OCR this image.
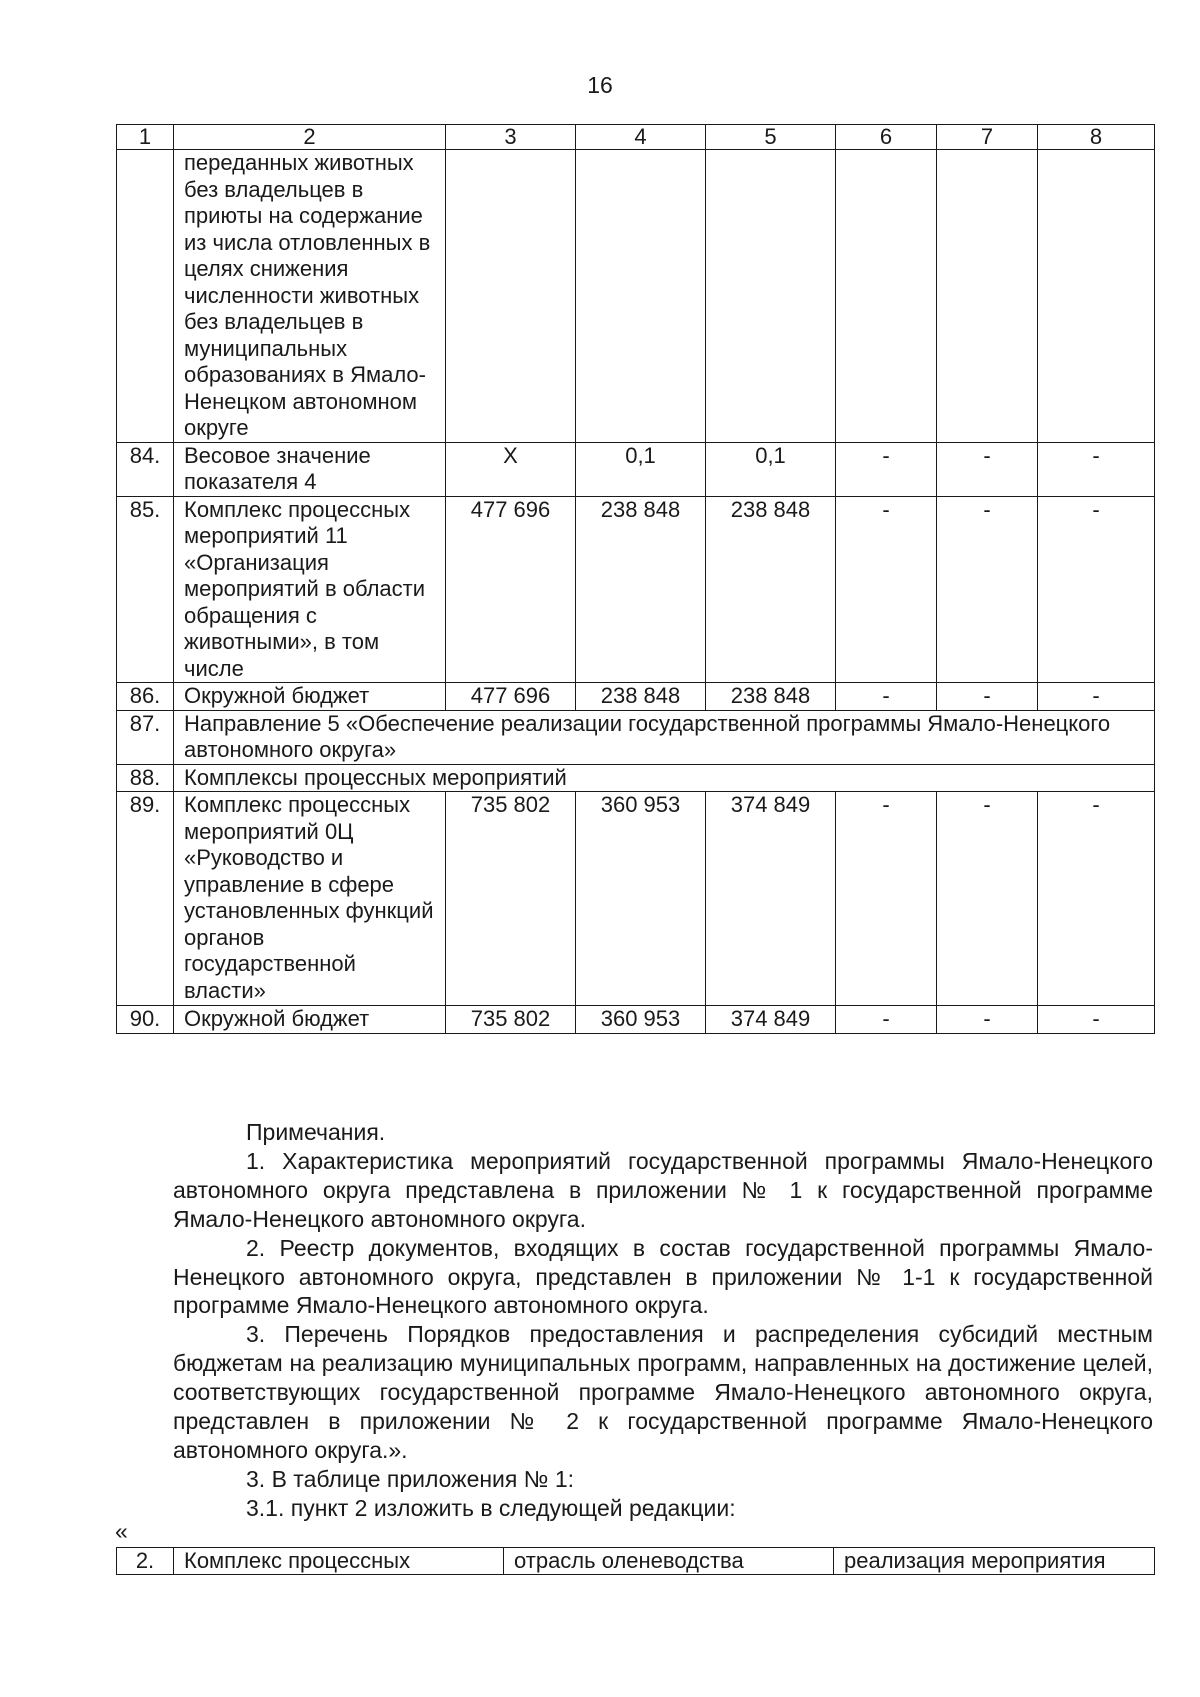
16
1	2	3	4	5	6	7	8
	переданных животных без владельцев в приюты на содержание из числа отловленных в целях снижения численности животных без владельцев в муниципальных образованиях в Ямало-Ненецком автономном округе						
84.	Весовое значение показателя 4	Х	0,1	0,1	-	-	-
85.	Комплекс процессных мероприятий 11 «Организация мероприятий в области обращения с животными», в том числе	477 696	238 848	238 848	-	-	-
86.	Окружной бюджет	477 696	238 848	238 848	-	-	-
87.	Направление 5 «Обеспечение реализации государственной программы Ямало-Ненецкого автономного округа»						
88.	Комплексы процессных мероприятий						
89.	Комплекс процессных мероприятий 0Ц «Руководство и управление в сфере установленных функций органов государственной власти»	735 802	360 953	374 849	-	-	-
90.	Окружной бюджет	735 802	360 953	374 849	-	-	-

Примечания.

1. Характеристика мероприятий государственной программы Ямало-Ненецкого автономного округа представлена в приложении № 1 к государственной программе Ямало-Ненецкого автономного округа.

2. Реестр документов, входящих в состав государственной программы Ямало-Ненецкого автономного округа, представлен в приложении № 1-1 к государственной программе Ямало-Ненецкого автономного округа.

3. Перечень Порядков предоставления и распределения субсидий местным бюджетам на реализацию муниципальных программ, направленных на достижение целей, соответствующих государственной программе Ямало-Ненецкого автономного округа, представлен в приложении № 2 к государственной программе Ямало-Ненецкого автономного округа.».

3. В таблице приложения № 1:

3.1. пункт 2 изложить в следующей редакции:

«
2.	Комплекс процессных	отрасль оленеводства	реализация мероприятия
